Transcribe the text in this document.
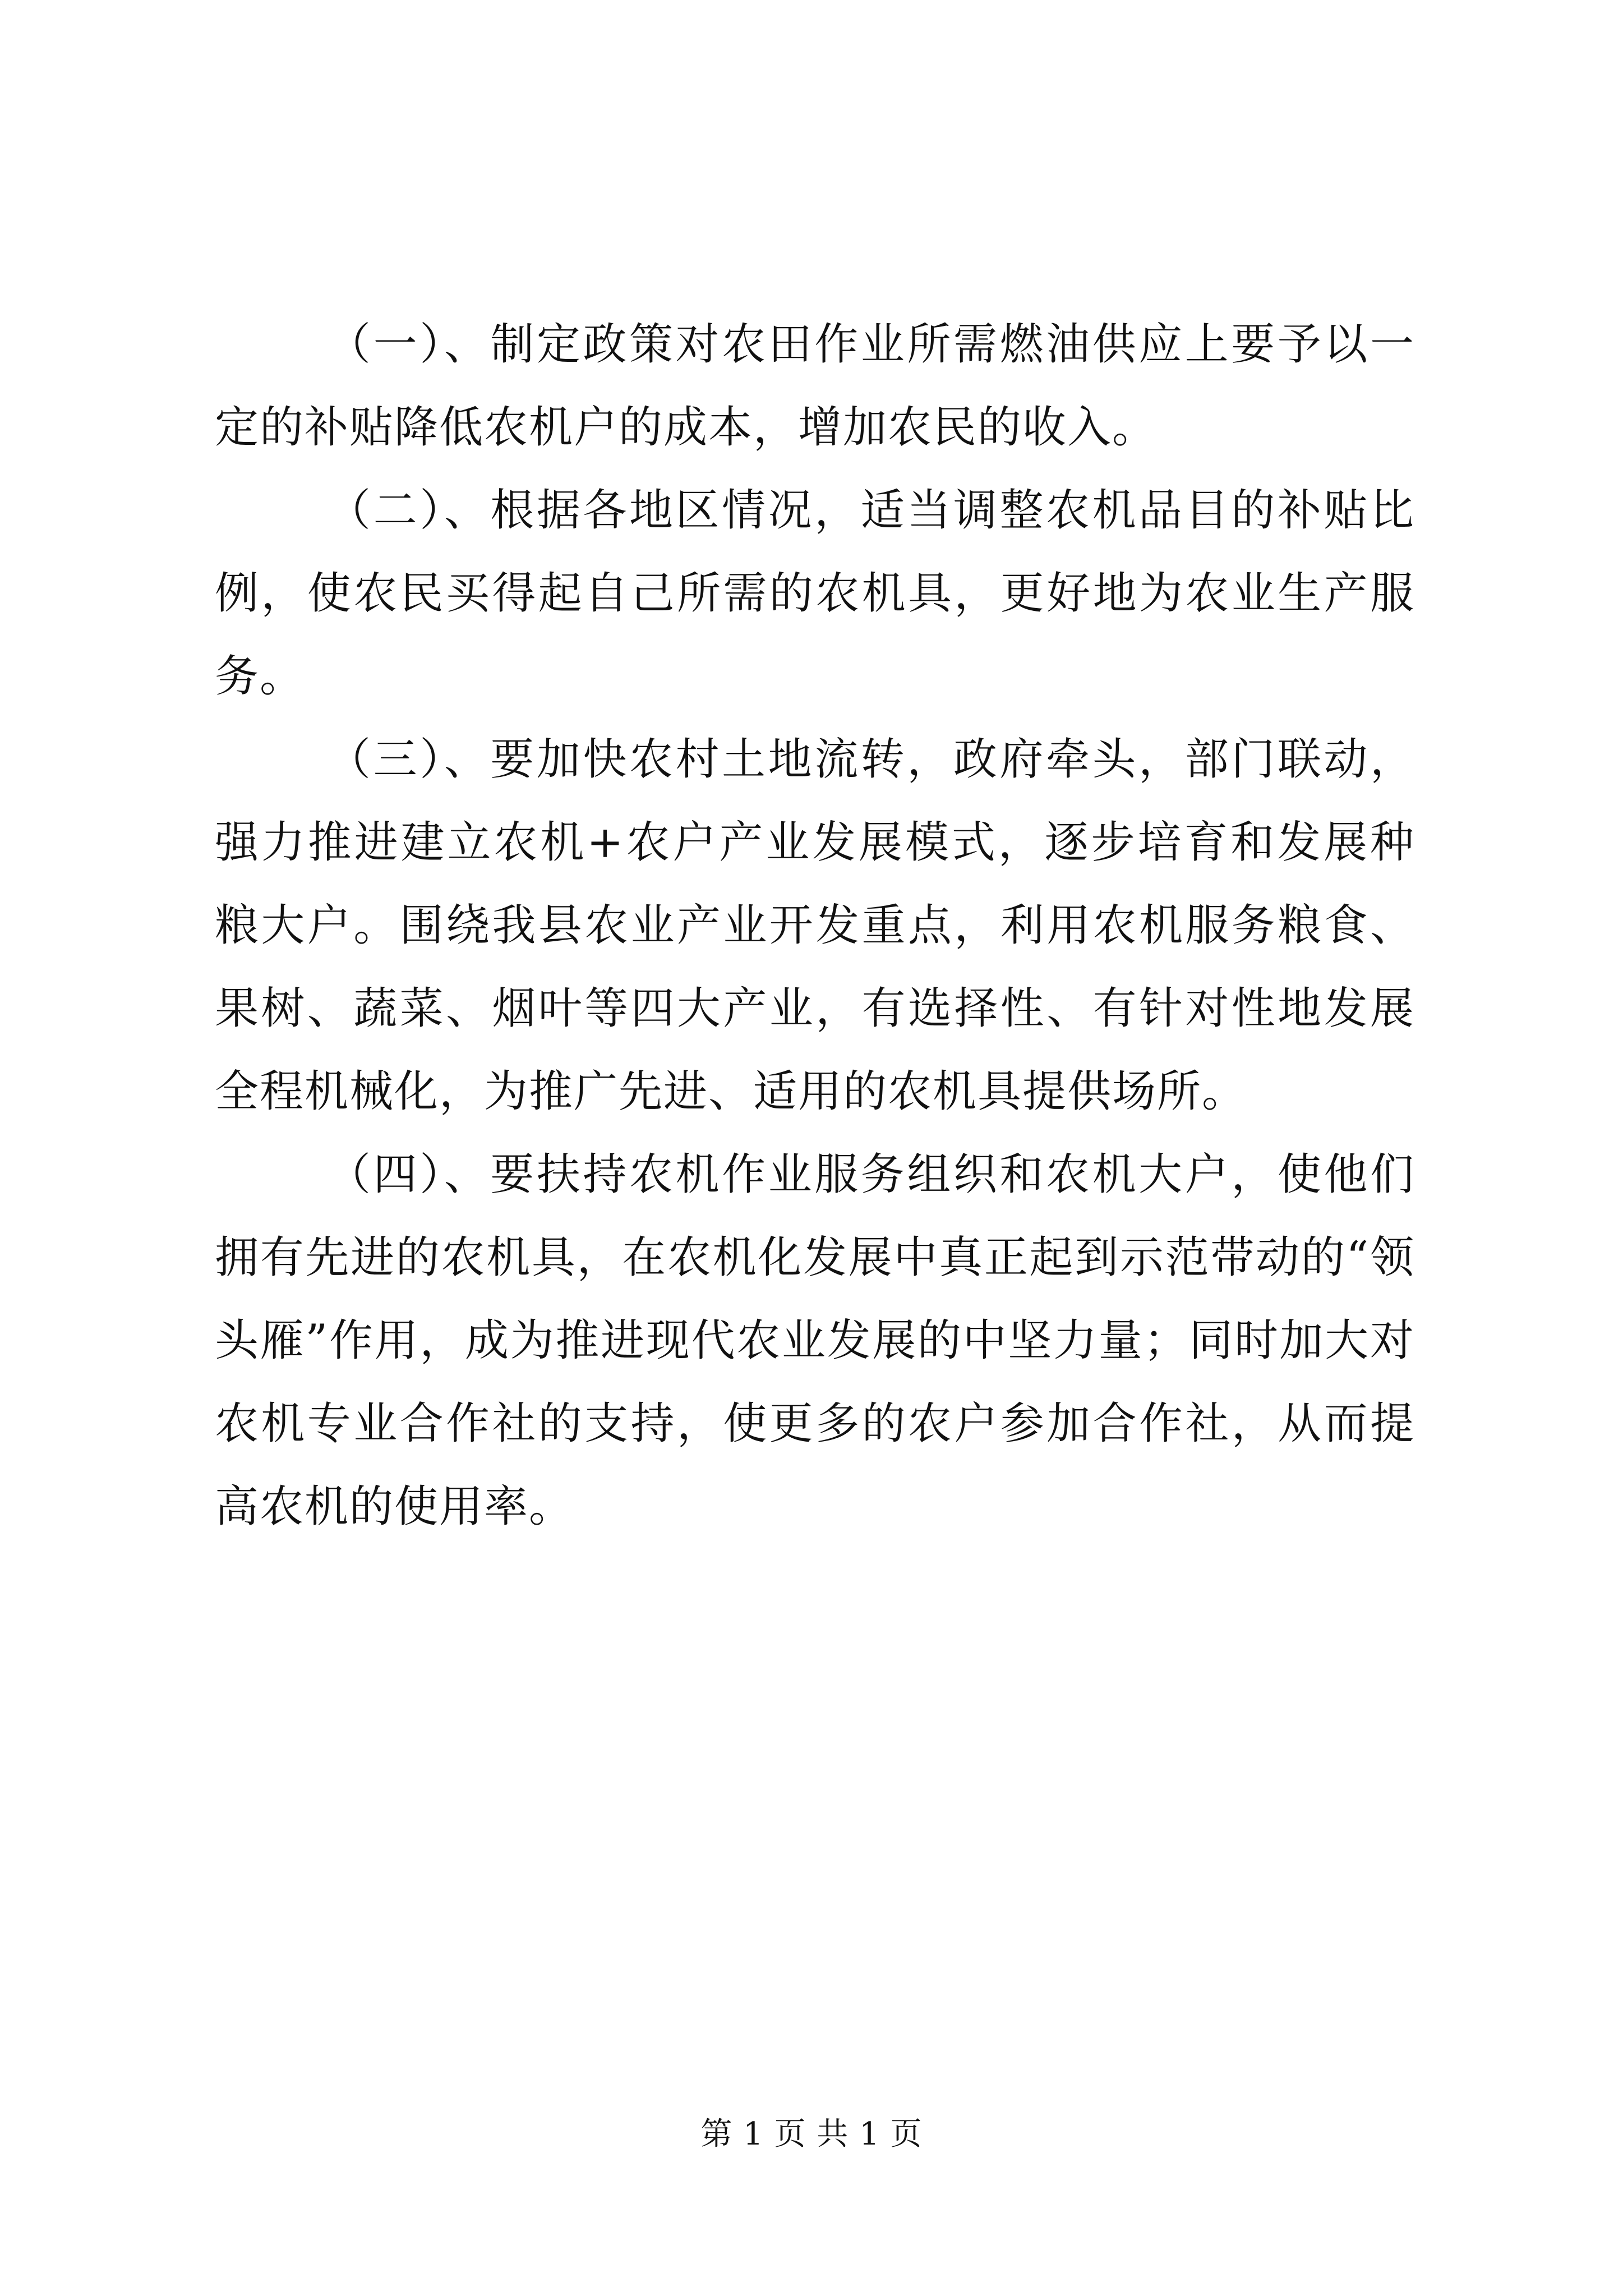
（一）、制定政策对农田作业所需燃油供应上要予以一定的补贴降低农机户的成本，增加农民的收入。

（二）、根据各地区情况，适当调整农机品目的补贴比例，使农民买得起自己所需的农机具，更好地为农业生产服务。

（三）、要加快农村土地流转，政府牵头，部门联动，强力推进建立农机+农户产业发展模式，逐步培育和发展种粮大户。围绕我县农业产业开发重点，利用农机服务粮食、果树、蔬菜、烟叶等四大产业，有选择性、有针对性地发展全程机械化，为推广先进、适用的农机具提供场所。

（四）、要扶持农机作业服务组织和农机大户，使他们拥有先进的农机具，在农机化发展中真正起到示范带动的“领头雁”作用，成为推进现代农业发展的中坚力量；同时加大对农机专业合作社的支持，使更多的农户参加合作社，从而提高农机的使用率。

第 1 页 共 1 页
